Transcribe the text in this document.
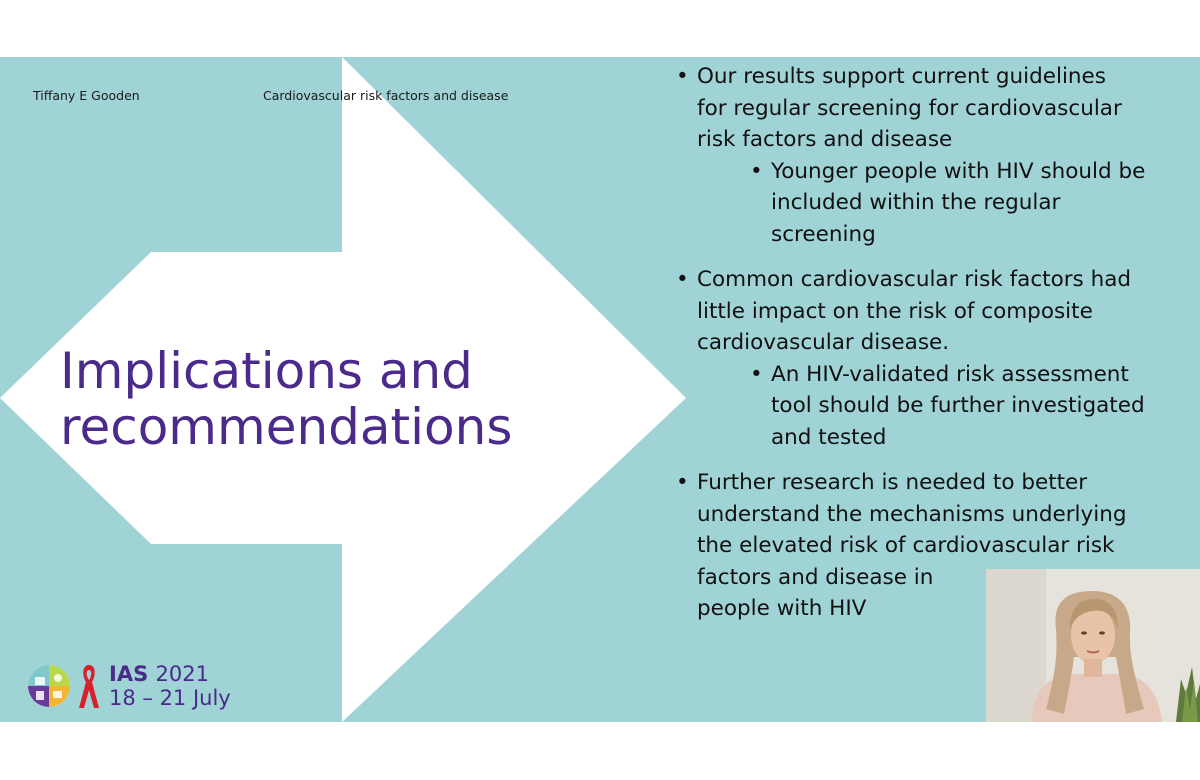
Tiffany E Gooden	Cardiovascular risk factors and disease
Implications and
recommendations
• Our results support current guidelines
for regular screening for cardiovascular
risk factors and disease
• Younger people with HIV should be
included within the regular
screening
• Common cardiovascular risk factors had
little impact on the risk of composite
cardiovascular disease.
• An HIV-validated risk assessment
tool should be further investigated
and tested
• Further research is needed to better
understand the mechanisms underlying
the elevated risk of cardiovascular risk
factors and disease in
people with HIV
IAS 2021
18 – 21 July
